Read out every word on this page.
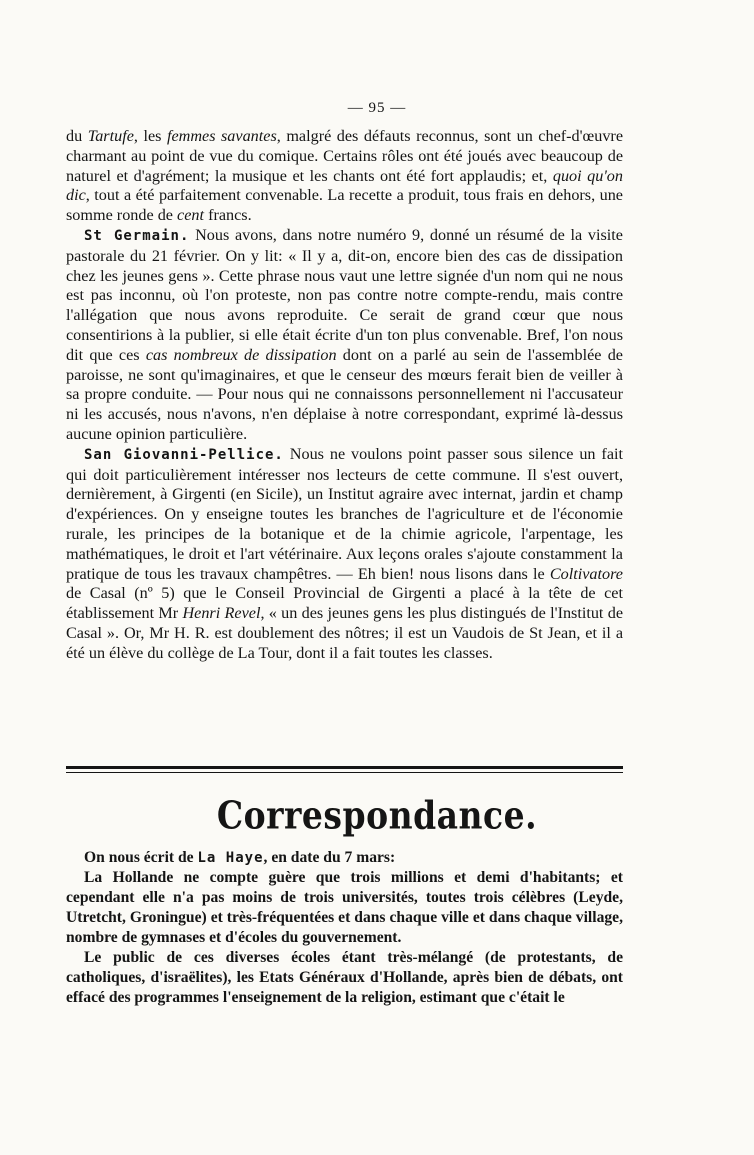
— 95 —

du Tartufe, les femmes savantes, malgré des défauts reconnus, sont un chef-d'œuvre charmant au point de vue du comique. Certains rôles ont été joués avec beaucoup de naturel et d'agrément; la musique et les chants ont été fort applaudis; et, quoi qu'on dic, tout a été parfaitement convenable. La recette a produit, tous frais en dehors, une somme ronde de cent francs.

St Germain. Nous avons, dans notre numéro 9, donné un résumé de la visite pastorale du 21 février. On y lit: « Il y a, dit-on, encore bien des cas de dissipation chez les jeunes gens ». Cette phrase nous vaut une lettre signée d'un nom qui ne nous est pas inconnu, où l'on proteste, non pas contre notre compte-rendu, mais contre l'allégation que nous avons reproduite. Ce serait de grand cœur que nous consentirions à la publier, si elle était écrite d'un ton plus convenable. Bref, l'on nous dit que ces cas nombreux de dissipation dont on a parlé au sein de l'assemblée de paroisse, ne sont qu'imaginaires, et que le censeur des mœurs ferait bien de veiller à sa propre conduite. — Pour nous qui ne connaissons personnellement ni l'accusateur ni les accusés, nous n'avons, n'en déplaise à notre correspondant, exprimé là-dessus aucune opinion particulière.

San Giovanni-Pellice. Nous ne voulons point passer sous silence un fait qui doit particulièrement intéresser nos lecteurs de cette commune. Il s'est ouvert, dernièrement, à Girgenti (en Sicile), un Institut agraire avec internat, jardin et champ d'expériences. On y enseigne toutes les branches de l'agriculture et de l'économie rurale, les principes de la botanique et de la chimie agricole, l'arpentage, les mathématiques, le droit et l'art vétérinaire. Aux leçons orales s'ajoute constamment la pratique de tous les travaux champêtres. — Eh bien! nous lisons dans le Coltivatore de Casal (nº 5) que le Conseil Provincial de Girgenti a placé à la tête de cet établissement Mr Henri Revel, « un des jeunes gens les plus distingués de l'Institut de Casal ». Or, Mr H. R. est doublement des nôtres; il est un Vaudois de St Jean, et il a été un élève du collège de La Tour, dont il a fait toutes les classes.

Correspondance.

On nous écrit de La Haye, en date du 7 mars:

La Hollande ne compte guère que trois millions et demi d'habitants; et cependant elle n'a pas moins de trois universités, toutes trois célèbres (Leyde, Utretcht, Groningue) et très-fréquentées et dans chaque ville et dans chaque village, nombre de gymnases et d'écoles du gouvernement.

Le public de ces diverses écoles étant très-mélangé (de protestants, de catholiques, d'israëlites), les Etats Généraux d'Hollande, après bien de débats, ont effacé des programmes l'enseignement de la religion, estimant que c'était le
